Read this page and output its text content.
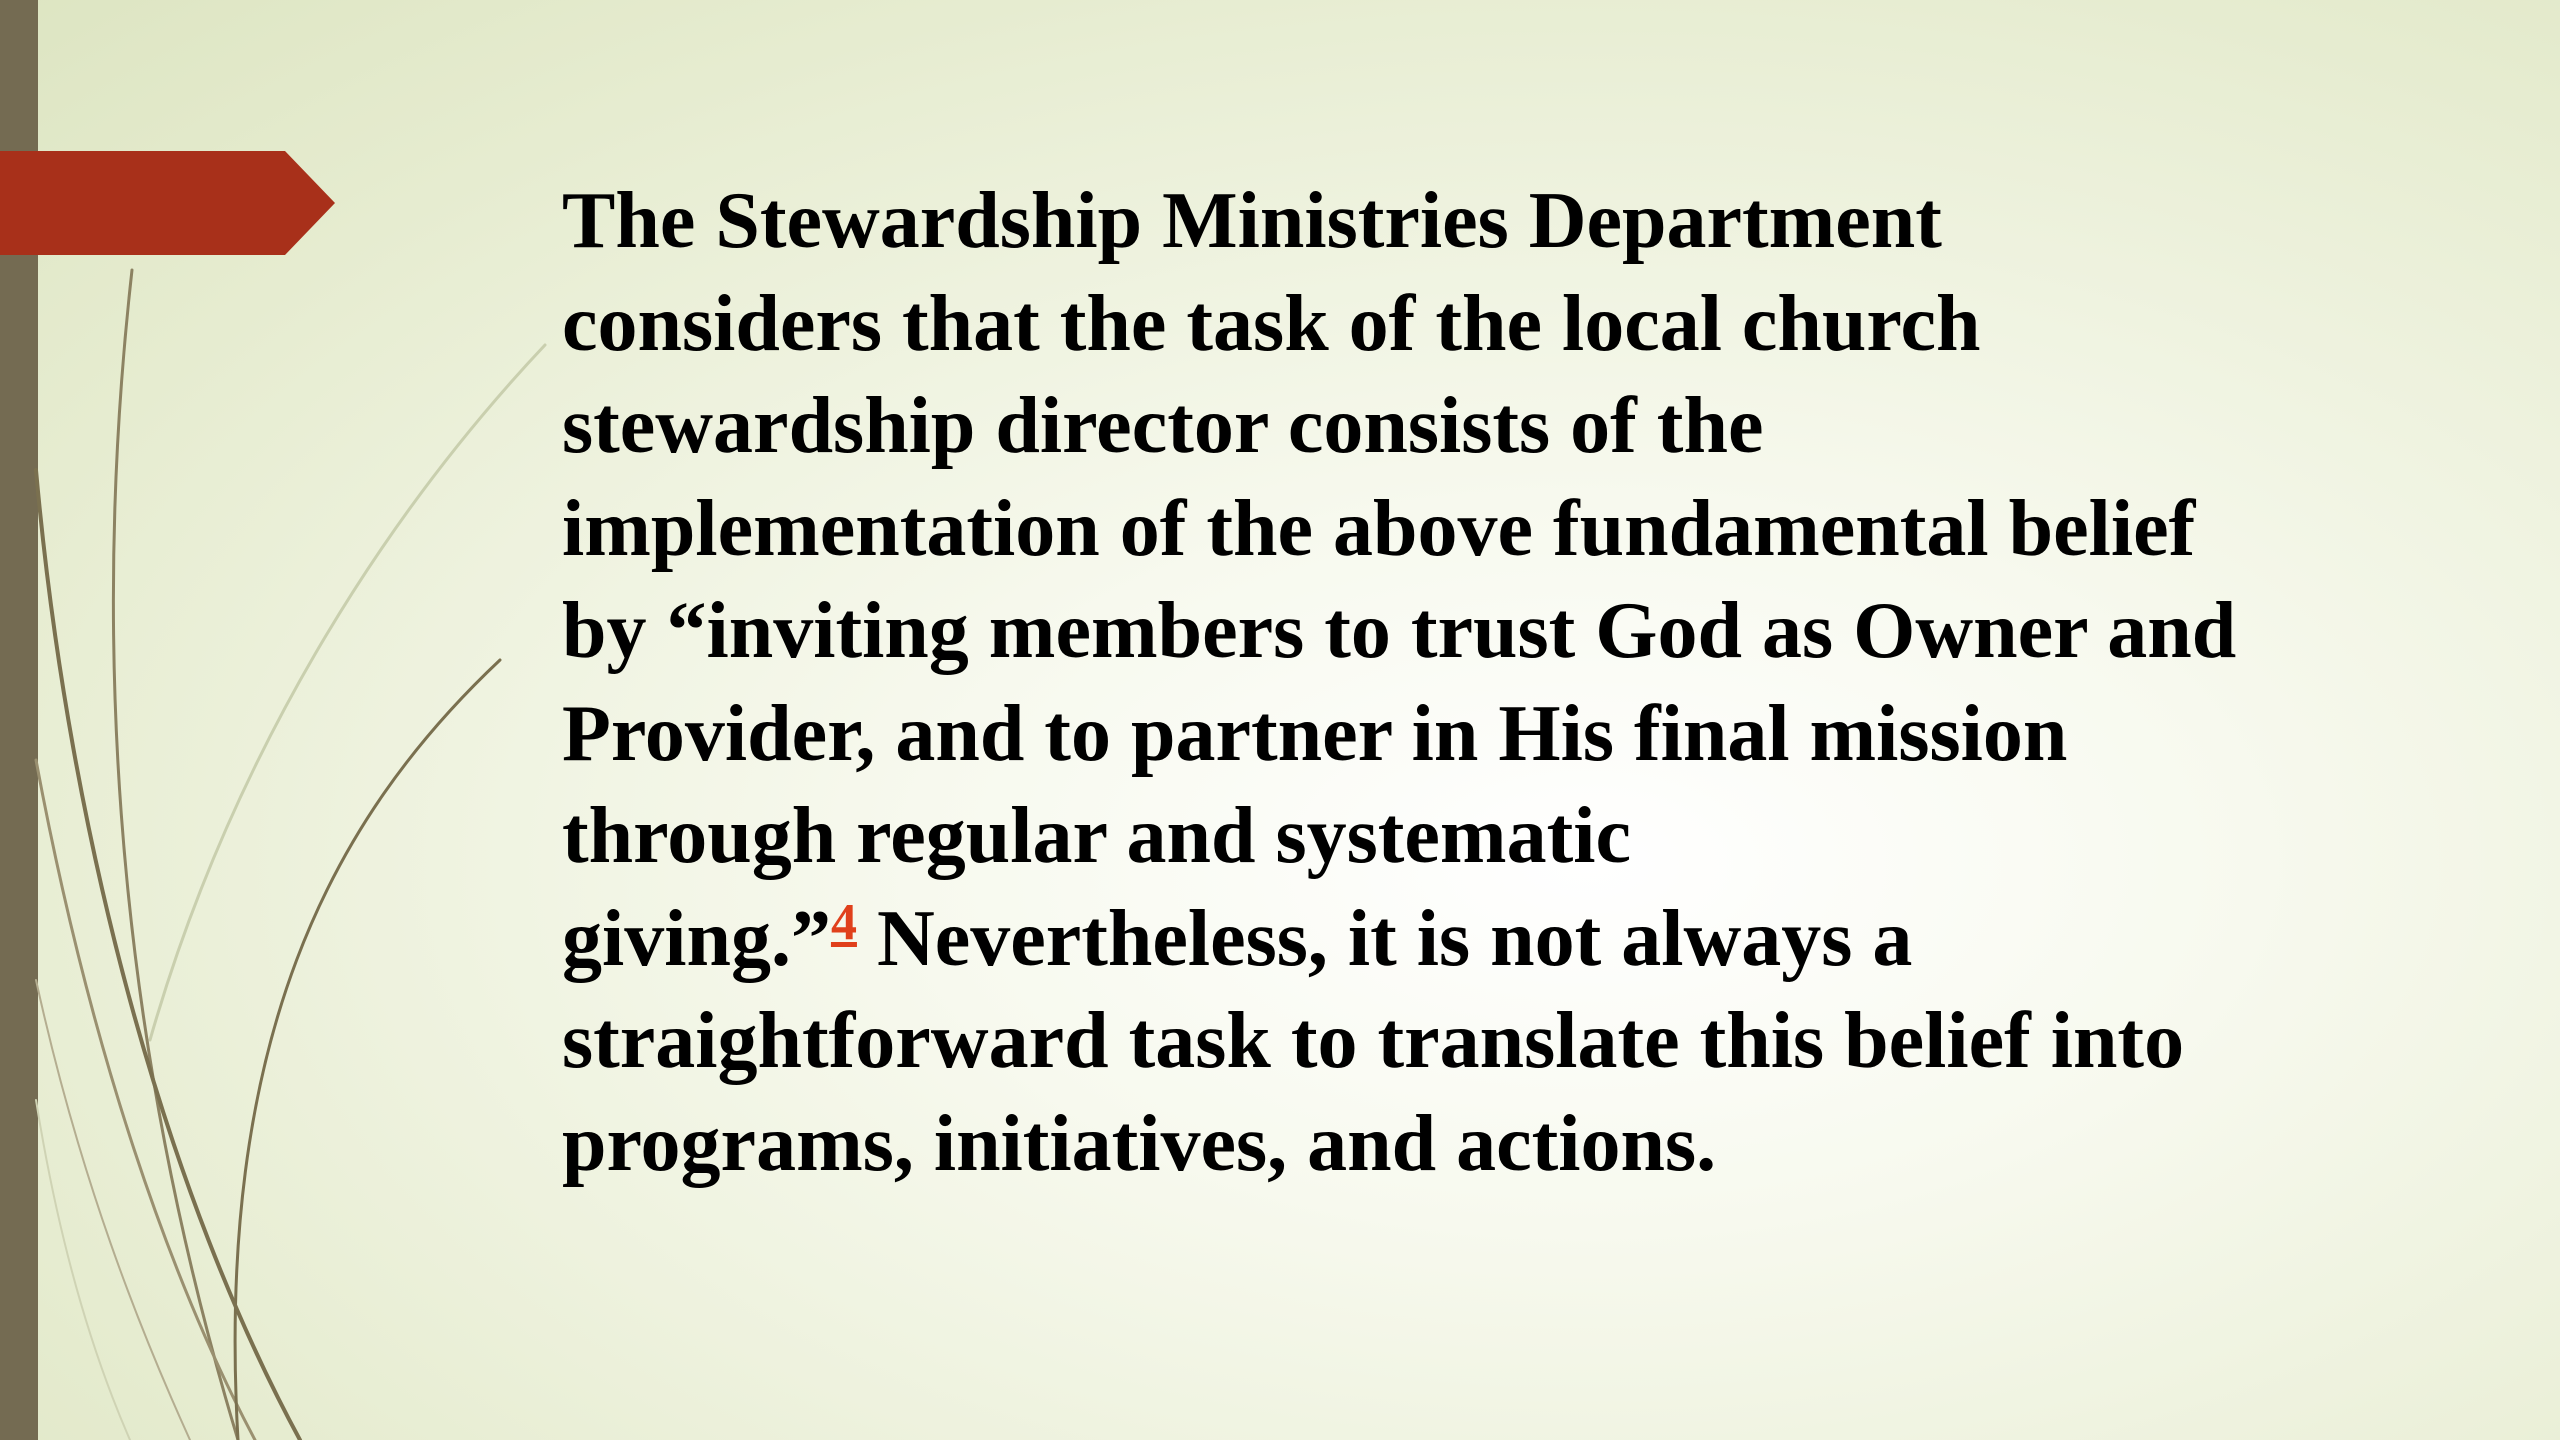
The Stewardship Ministries Department
considers that the task of the local church
stewardship director consists of the
implementation of the above fundamental belief
by “inviting members to trust God as Owner and
Provider, and to partner in His final mission
through regular and systematic
giving.”$^4$ Nevertheless, it is not always a
straightforward task to translate this belief into
programs, initiatives, and actions.
